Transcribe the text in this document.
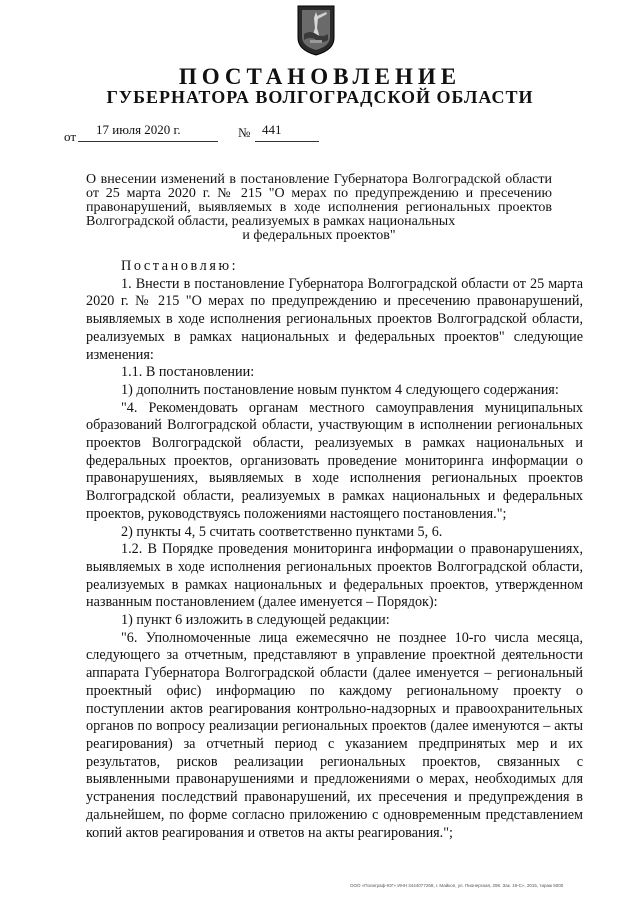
ПОСТАНОВЛЕНИЕ
ГУБЕРНАТОРА ВОЛГОГРАДСКОЙ ОБЛАСТИ
от 17 июля 2020 г.	№ 441
О внесении изменений в постановление Губернатора Волгоградской области от 25 марта 2020 г. № 215 "О мерах по предупреждению и пресечению правонарушений, выявляемых в ходе исполнения региональных проектов Волгоградской области, реализуемых в рамках национальных
и федеральных проектов"

Постановляю:

1. Внести в постановление Губернатора Волгоградской области от 25 марта 2020 г. № 215 "О мерах по предупреждению и пресечению правонарушений, выявляемых в ходе исполнения региональных проектов Волгоградской области, реализуемых в рамках национальных и федеральных проектов" следующие изменения:

1.1. В постановлении:

1) дополнить постановление новым пунктом 4 следующего содержания:

"4. Рекомендовать органам местного самоуправления муниципальных образований Волгоградской области, участвующим в исполнении региональных проектов Волгоградской области, реализуемых в рамках национальных и федеральных проектов, организовать проведение мониторинга информации о правонарушениях, выявляемых в ходе исполнения региональных проектов Волгоградской области, реализуемых в рамках национальных и федеральных проектов, руководствуясь положениями настоящего постановления.";

2) пункты 4, 5 считать соответственно пунктами 5, 6.

1.2. В Порядке проведения мониторинга информации о правонарушениях, выявляемых в ходе исполнения региональных проектов Волгоградской области, реализуемых в рамках национальных и федеральных проектов, утвержденном названным постановлением (далее именуется – Порядок):

1) пункт 6 изложить в следующей редакции:

"6. Уполномоченные лица ежемесячно не позднее 10-го числа месяца, следующего за отчетным, представляют в управление проектной деятельности аппарата Губернатора Волгоградской области (далее именуется – региональный проектный офис) информацию по каждому региональному проекту о поступлении актов реагирования контрольно-надзорных и правоохранительных органов по вопросу реализации региональных проектов (далее именуются – акты реагирования) за отчетный период с указанием предпринятых мер и их результатов, рисков реализации региональных проектов, связанных с выявленными правонарушениями и предложениями о мерах, необходимых для устранения последствий правонарушений, их пресечения и предупреждения в дальнейшем, по форме согласно приложению с одновременным представлением копий актов реагирования и ответов на акты реагирования.";

ООО «Полиграф-ЮГ» ИНН 3444077268, г. Майкоп, ул. Пионерская, 298. Зак. 19-С», 2015, тираж 5000
